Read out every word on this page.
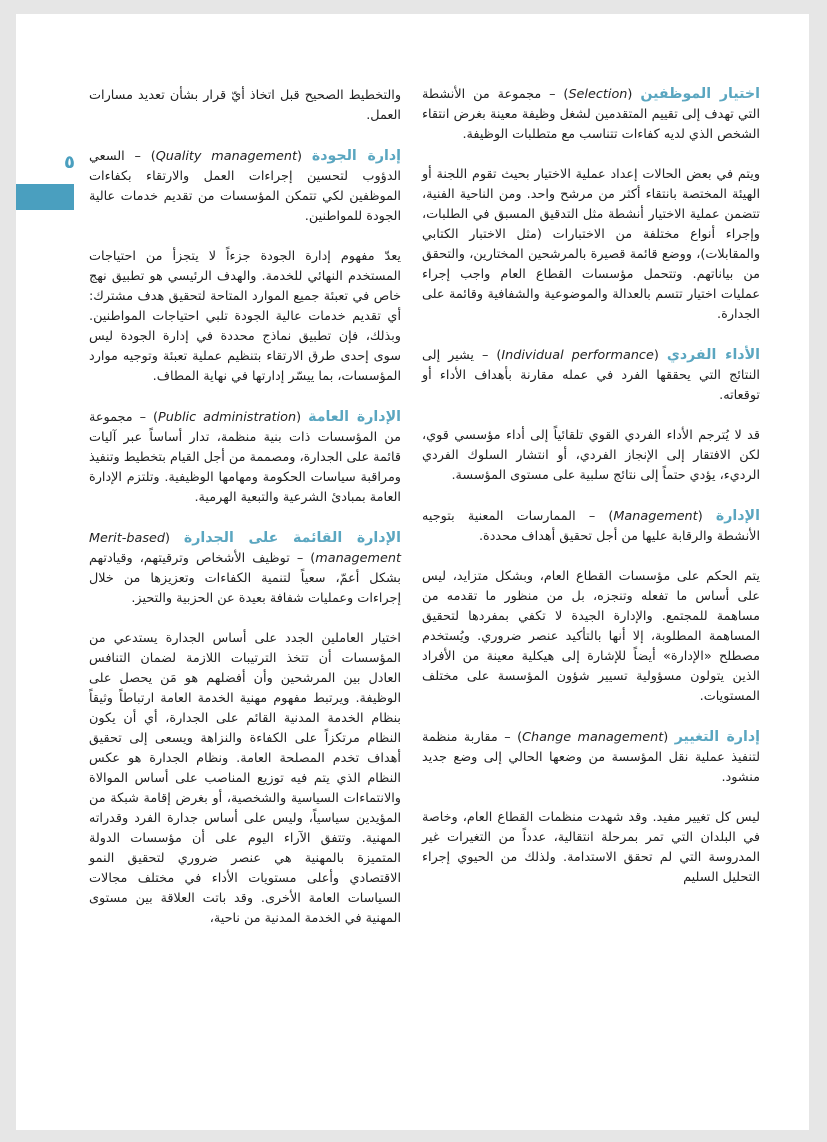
اختيار الموظفين (Selection) – مجموعة من الأنشطة التي تهدف إلى تقييم المتقدمين لشغل وظيفة معينة بغرض انتقاء الشخص الذي لديه كفاءات تتناسب مع متطلبات الوظيفة.

ويتم في بعض الحالات إعداد عملية الاختيار بحيث تقوم اللجنة أو الهيئة المختصة بانتقاء أكثر من مرشح واحد. ومن الناحية الفنية، تتضمن عملية الاختيار أنشطة مثل التدقيق المسبق في الطلبات، وإجراء أنواع مختلفة من الاختبارات (مثل الاختبار الكتابي والمقابلات)، ووضع قائمة قصيرة بالمرشحين المختارين، والتحقق من بياناتهم. وتتحمل مؤسسات القطاع العام واجب إجراء عمليات اختيار تتسم بالعدالة والموضوعية والشفافية وقائمة على الجدارة.

الأداء الفردي (Individual performance) – يشير إلى النتائج التي يحققها الفرد في عمله مقارنة بأهداف الأداء أو توقعاته.

قد لا يُترجم الأداء الفردي القوي تلقائياً إلى أداء مؤسسي قوي، لكن الافتقار إلى الإنجاز الفردي، أو انتشار السلوك الفردي الرديء، يؤدي حتماً إلى نتائج سلبية على مستوى المؤسسة.

الإدارة (Management) – الممارسات المعنية بتوجيه الأنشطة والرقابة عليها من أجل تحقيق أهداف محددة.

يتم الحكم على مؤسسات القطاع العام، وبشكل متزايد، ليس على أساس ما تفعله وتنجزه، بل من منظور ما تقدمه من مساهمة للمجتمع. والإدارة الجيدة لا تكفي بمفردها لتحقيق المساهمة المطلوبة، إلا أنها بالتأكيد عنصر ضروري. ويُستخدم مصطلح «الإدارة» أيضاً للإشارة إلى هيكلية معينة من الأفراد الذين يتولون مسؤولية تسيير شؤون المؤسسة على مختلف المستويات.

إدارة التغيير (Change management) – مقاربة منظمة لتنفيذ عملية نقل المؤسسة من وضعها الحالي إلى وضع جديد منشود.

ليس كل تغيير مفيد. وقد شهدت منظمات القطاع العام، وخاصة في البلدان التي تمر بمرحلة انتقالية، عدداً من التغيرات غير المدروسة التي لم تحقق الاستدامة. ولذلك من الحيوي إجراء التحليل السليم

والتخطيط الصحيح قبل اتخاذ أيّ قرار بشأن تعديد مسارات العمل.

إدارة الجودة (Quality management) – السعي الدؤوب لتحسين إجراءات العمل والارتقاء بكفاءات الموظفين لكي تتمكن المؤسسات من تقديم خدمات عالية الجودة للمواطنين.

يعدّ مفهوم إدارة الجودة جزءاً لا يتجزأ من احتياجات المستخدم النهائي للخدمة. والهدف الرئيسي هو تطبيق نهج خاص في تعبئة جميع الموارد المتاحة لتحقيق هدف مشترك: أي تقديم خدمات عالية الجودة تلبي احتياجات المواطنين. وبذلك، فإن تطبيق نماذج محددة في إدارة الجودة ليس سوى إحدى طرق الارتقاء بتنظيم عملية تعبئة وتوجيه موارد المؤسسات، بما ييسّر إدارتها في نهاية المطاف.

الإدارة العامة (Public administration) – مجموعة من المؤسسات ذات بنية منظمة، تدار أساساً عبر آليات قائمة على الجدارة، ومصممة من أجل القيام بتخطيط وتنفيذ ومراقبة سياسات الحكومة ومهامها الوظيفية. وتلتزم الإدارة العامة بمبادئ الشرعية والتبعية الهرمية.

الإدارة القائمة على الجدارة (Merit-based management) – توظيف الأشخاص وترقيتهم، وقيادتهم بشكل أعمّ، سعياً لتنمية الكفاءات وتعزيزها من خلال إجراءات وعمليات شفافة بعيدة عن الحزبية والتحيز.

اختيار العاملين الجدد على أساس الجدارة يستدعي من المؤسسات أن تتخذ الترتيبات اللازمة لضمان التنافس العادل بين المرشحين وأن أفضلهم هو مَن يحصل على الوظيفة. ويرتبط مفهوم مهنية الخدمة العامة ارتباطاً وثيقاً بنظام الخدمة المدنية القائم على الجدارة، أي أن يكون النظام مرتكزاً على الكفاءة والنزاهة ويسعى إلى تحقيق أهداف تخدم المصلحة العامة. ونظام الجدارة هو عكس النظام الذي يتم فيه توزيع المناصب على أساس الموالاة والانتماءات السياسية والشخصية، أو بغرض إقامة شبكة من المؤيدين سياسياً، وليس على أساس جدارة الفرد وقدراته المهنية. وتتفق الآراء اليوم على أن مؤسسات الدولة المتميزة بالمهنية هي عنصر ضروري لتحقيق النمو الاقتصادي وأعلى مستويات الأداء في مختلف مجالات السياسات العامة الأخرى. وقد باتت العلاقة بين مستوى المهنية في الخدمة المدنية من ناحية،

٥
